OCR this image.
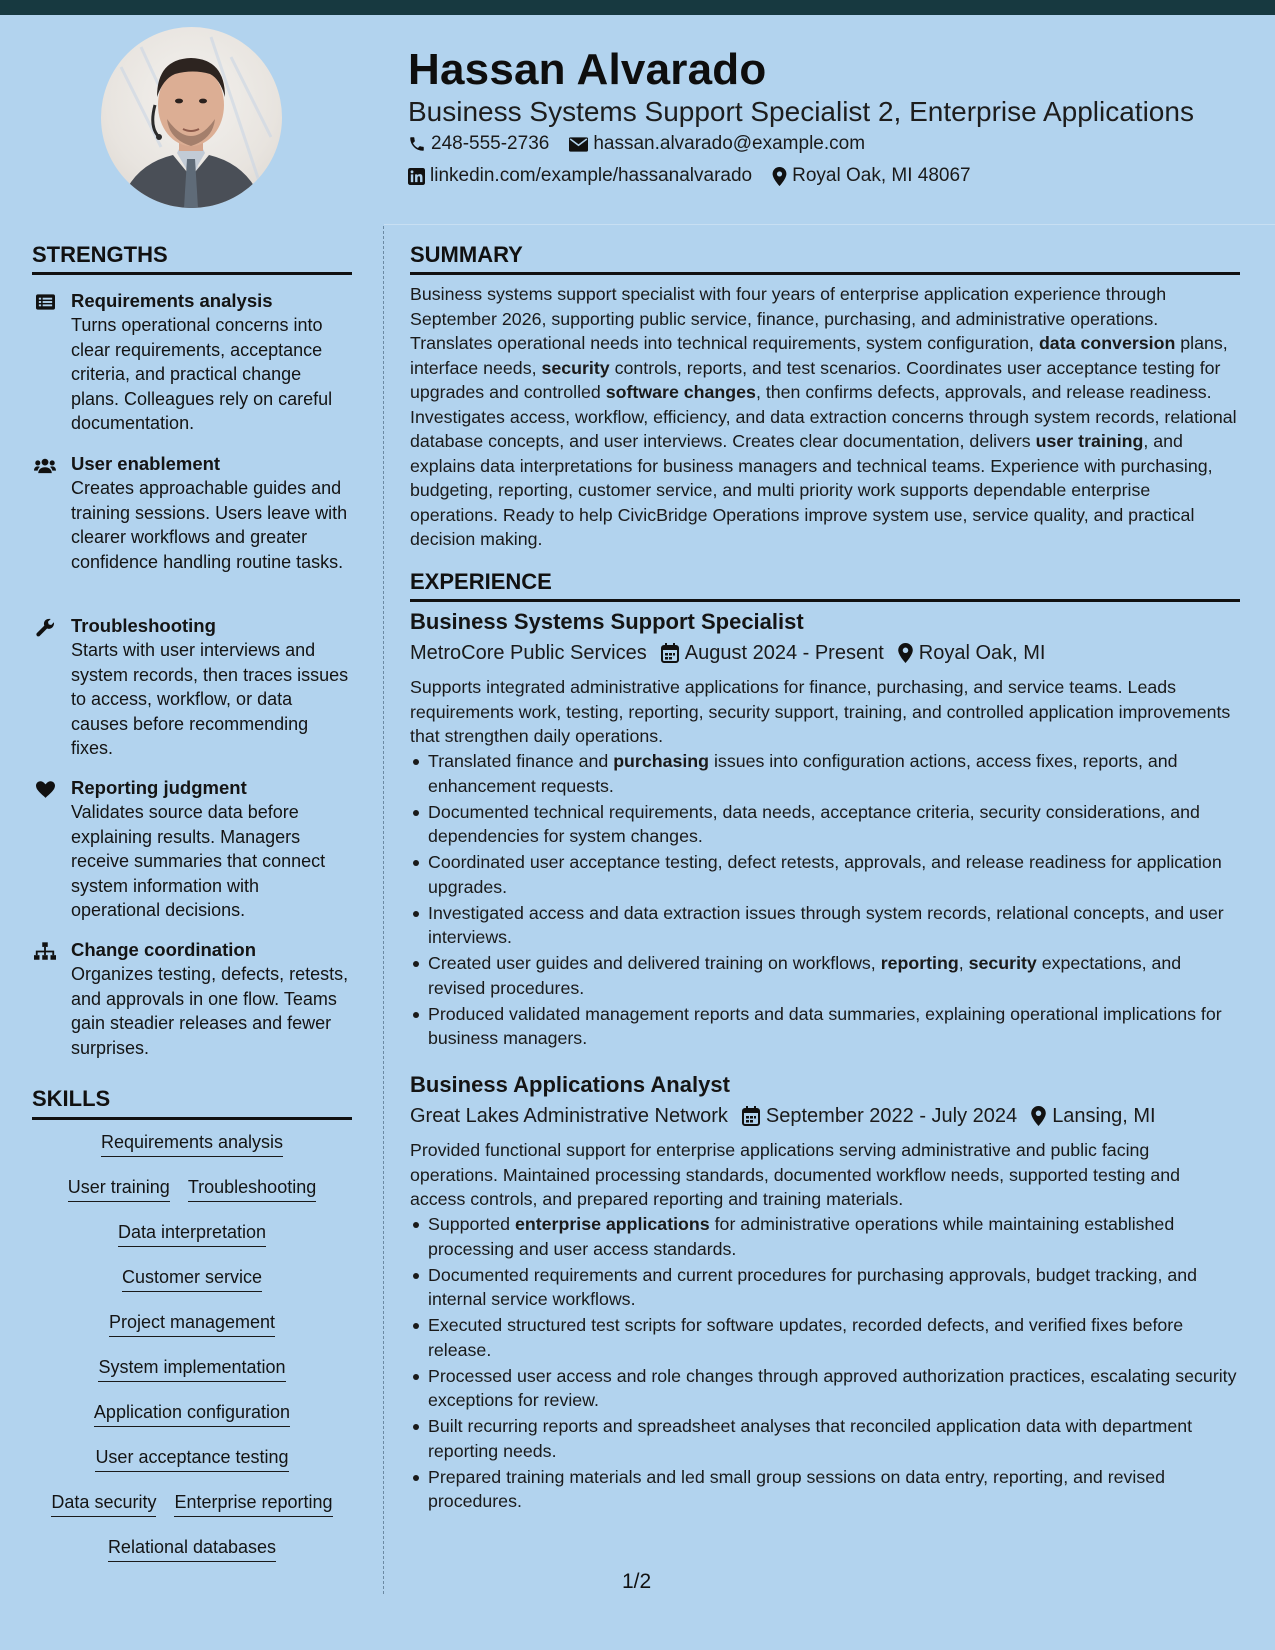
Hassan Alvarado
Business Systems Support Specialist 2, Enterprise Applications
248-555-2736 hassan.alvarado@example.com
linkedin.com/example/hassanalvarado Royal Oak, MI 48067
STRENGTHS
Requirements analysis
Turns operational concerns into clear requirements, acceptance criteria, and practical change plans. Colleagues rely on careful documentation.
User enablement
Creates approachable guides and training sessions. Users leave with clearer workflows and greater confidence handling routine tasks.
Troubleshooting
Starts with user interviews and system records, then traces issues to access, workflow, or data causes before recommending fixes.
Reporting judgment
Validates source data before explaining results. Managers receive summaries that connect system information with operational decisions.
Change coordination
Organizes testing, defects, retests, and approvals in one flow. Teams gain steadier releases and fewer surprises.
SKILLS
Requirements analysis
User training Troubleshooting
Data interpretation
Customer service
Project management
System implementation
Application configuration
User acceptance testing
Data security Enterprise reporting
Relational databases
SUMMARY
Business systems support specialist with four years of enterprise application experience through September 2026, supporting public service, finance, purchasing, and administrative operations. Translates operational needs into technical requirements, system configuration, data conversion plans, interface needs, security controls, reports, and test scenarios. Coordinates user acceptance testing for upgrades and controlled software changes, then confirms defects, approvals, and release readiness. Investigates access, workflow, efficiency, and data extraction concerns through system records, relational database concepts, and user interviews. Creates clear documentation, delivers user training, and explains data interpretations for business managers and technical teams. Experience with purchasing, budgeting, reporting, customer service, and multi priority work supports dependable enterprise operations. Ready to help CivicBridge Operations improve system use, service quality, and practical decision making.
EXPERIENCE
Business Systems Support Specialist
MetroCore Public Services August 2024 - Present Royal Oak, MI
Supports integrated administrative applications for finance, purchasing, and service teams. Leads requirements work, testing, reporting, security support, training, and controlled application improvements that strengthen daily operations.
Translated finance and purchasing issues into configuration actions, access fixes, reports, and enhancement requests.
Documented technical requirements, data needs, acceptance criteria, security considerations, and dependencies for system changes.
Coordinated user acceptance testing, defect retests, approvals, and release readiness for application upgrades.
Investigated access and data extraction issues through system records, relational concepts, and user interviews.
Created user guides and delivered training on workflows, reporting, security expectations, and revised procedures.
Produced validated management reports and data summaries, explaining operational implications for business managers.
Business Applications Analyst
Great Lakes Administrative Network September 2022 - July 2024 Lansing, MI
Provided functional support for enterprise applications serving administrative and public facing operations. Maintained processing standards, documented workflow needs, supported testing and access controls, and prepared reporting and training materials.
Supported enterprise applications for administrative operations while maintaining established processing and user access standards.
Documented requirements and current procedures for purchasing approvals, budget tracking, and internal service workflows.
Executed structured test scripts for software updates, recorded defects, and verified fixes before release.
Processed user access and role changes through approved authorization practices, escalating security exceptions for review.
Built recurring reports and spreadsheet analyses that reconciled application data with department reporting needs.
Prepared training materials and led small group sessions on data entry, reporting, and revised procedures.
1/2
